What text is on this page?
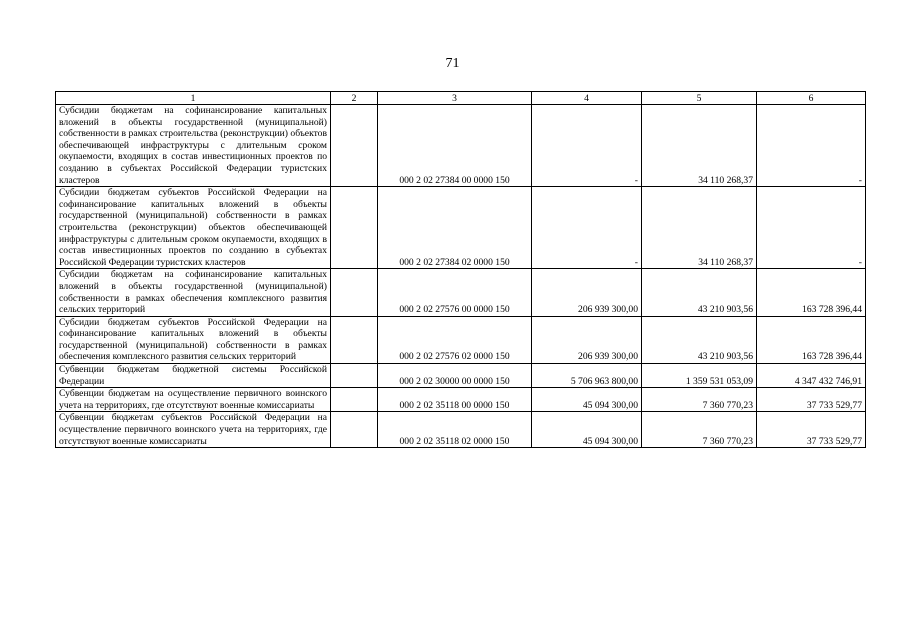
71
1	2	3	4	5	6
Субсидии бюджетам на софинансирование капитальных вложений в объекты государственной (муниципальной) собственности в рамках строительства (реконструкции) объектов обеспечивающей инфраструктуры с длительным сроком окупаемости, входящих в состав инвестиционных проектов по созданию в субъектах Российской Федерации туристских кластеров		000 2 02 27384 00 0000 150	-	34 110 268,37	-
Субсидии бюджетам субъектов Российской Федерации на софинансирование капитальных вложений в объекты государственной (муниципальной) собственности в рамках строительства (реконструкции) объектов обеспечивающей инфраструктуры с длительным сроком окупаемости, входящих в состав инвестиционных проектов по созданию в субъектах Российской Федерации туристских кластеров		000 2 02 27384 02 0000 150	-	34 110 268,37	-
Субсидии бюджетам на софинансирование капитальных вложений в объекты государственной (муниципальной) собственности в рамках обеспечения комплексного развития сельских территорий		000 2 02 27576 00 0000 150	206 939 300,00	43 210 903,56	163 728 396,44
Субсидии бюджетам субъектов Российской Федерации на софинансирование капитальных вложений в объекты государственной (муниципальной) собственности в рамках обеспечения комплексного развития сельских территорий		000 2 02 27576 02 0000 150	206 939 300,00	43 210 903,56	163 728 396,44
Субвенции бюджетам бюджетной системы Российской Федерации		000 2 02 30000 00 0000 150	5 706 963 800,00	1 359 531 053,09	4 347 432 746,91
Субвенции бюджетам на осуществление первичного воинского учета на территориях, где отсутствуют военные комиссариаты		000 2 02 35118 00 0000 150	45 094 300,00	7 360 770,23	37 733 529,77
Субвенции бюджетам субъектов Российской Федерации на осуществление первичного воинского учета на территориях, где отсутствуют военные комиссариаты		000 2 02 35118 02 0000 150	45 094 300,00	7 360 770,23	37 733 529,77
